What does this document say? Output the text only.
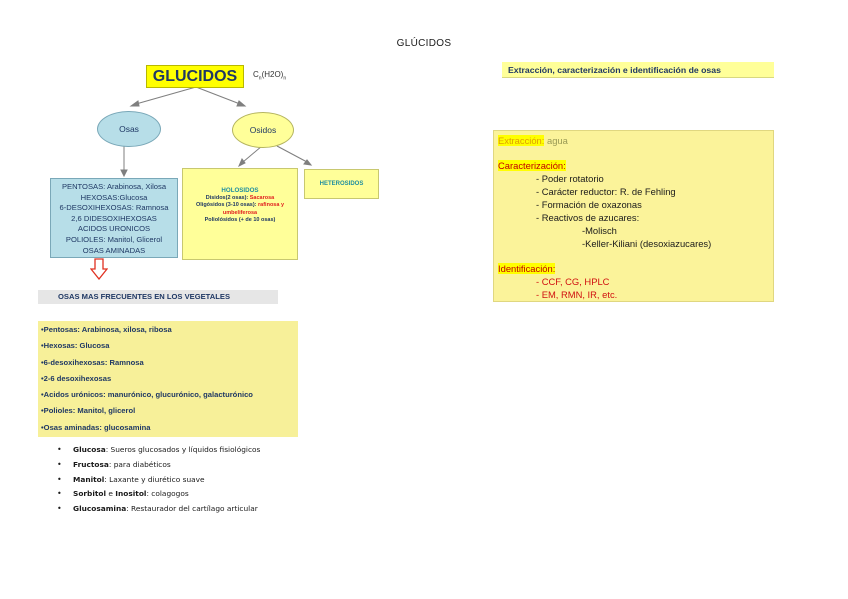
GLÚCIDOS
GLUCIDOS	$C_n(H2O)_n$
Osas	Osidos
PENTOSAS: Arabinosa, Xilosa
HEXOSAS:Glucosa
6-DESOXIHEXOSAS: Ramnosa
2,6 DIDESOXIHEXOSAS
ACIDOS URONICOS
POLIOLES: Manitol, Glicerol
OSAS AMINADAS
HOLOSIDOS
Disidos(2 osas): Sacarosa
Oligósidos (3-10 osas): rafinosa y
umbeliferosa
Poliolósidos (+ de 10 osas)
HETEROSIDOS
OSAS MAS FRECUENTES EN LOS VEGETALES
•Pentosas: Arabinosa, xilosa, ribosa
•Hexosas: Glucosa
•6-desoxihexosas: Ramnosa
•2-6 desoxihexosas
•Acidos urónicos: manurónico, glucurónico, galacturónico
•Polioles: Manitol, glicerol
•Osas aminadas: glucosamina
• Glucosa: Sueros glucosados y líquidos fisiológicos
• Fructosa: para diabéticos
• Manitol: Laxante y diurético suave
• Sorbitol e Inositol: colagogos
• Glucosamina: Restaurador del cartílago articular
Extracción, caracterización e identificación de osas
Extracción: agua
Caracterización:
- Poder rotatorio
- Carácter reductor: R. de Fehling
- Formación de oxazonas
- Reactivos de azucares:
-Molisch
-Keller-Kiliani (desoxiazucares)
Identificación:
- CCF, CG, HPLC
- EM, RMN, IR, etc.
